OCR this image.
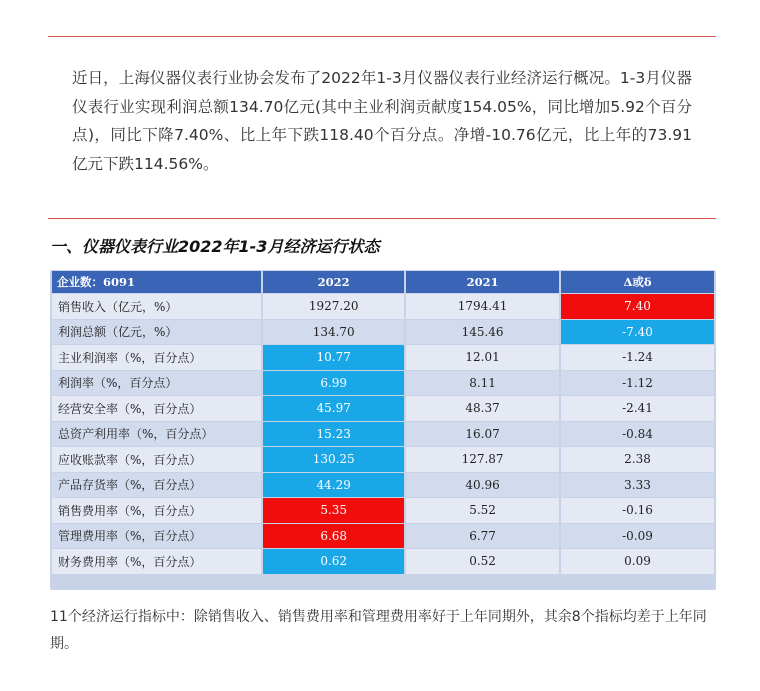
近日，上海仪器仪表行业协会发布了2022年1-3月仪器仪表行业经济运行概况。1-3月仪器仪表行业实现利润总额134.70亿元(其中主业利润贡献度154.05%，同比增加5.92个百分点)，同比下降7.40%、比上年下跌118.40个百分点。净增-10.76亿元，比上年的73.91亿元下跌114.56%。

一、仪器仪表行业2022年1-3月经济运行状态
企业数：6091	2022	2021	Δ或δ
销售收入（亿元，%）	1927.20	1794.41	7.40
利润总额（亿元，%）	134.70	145.46	-7.40
主业利润率（%，百分点）	10.77	12.01	-1.24
利润率（%，百分点）	6.99	8.11	-1.12
经营安全率（%，百分点）	45.97	48.37	-2.41
总资产利用率（%，百分点）	15.23	16.07	-0.84
应收账款率（%，百分点）	130.25	127.87	2.38
产品存货率（%，百分点）	44.29	40.96	3.33
销售费用率（%，百分点）	5.35	5.52	-0.16
管理费用率（%，百分点）	6.68	6.77	-0.09
财务费用率（%，百分点）	0.62	0.52	0.09

11个经济运行指标中：除销售收入、销售费用率和管理费用率好于上年同期外，其余8个指标均差于上年同期。
